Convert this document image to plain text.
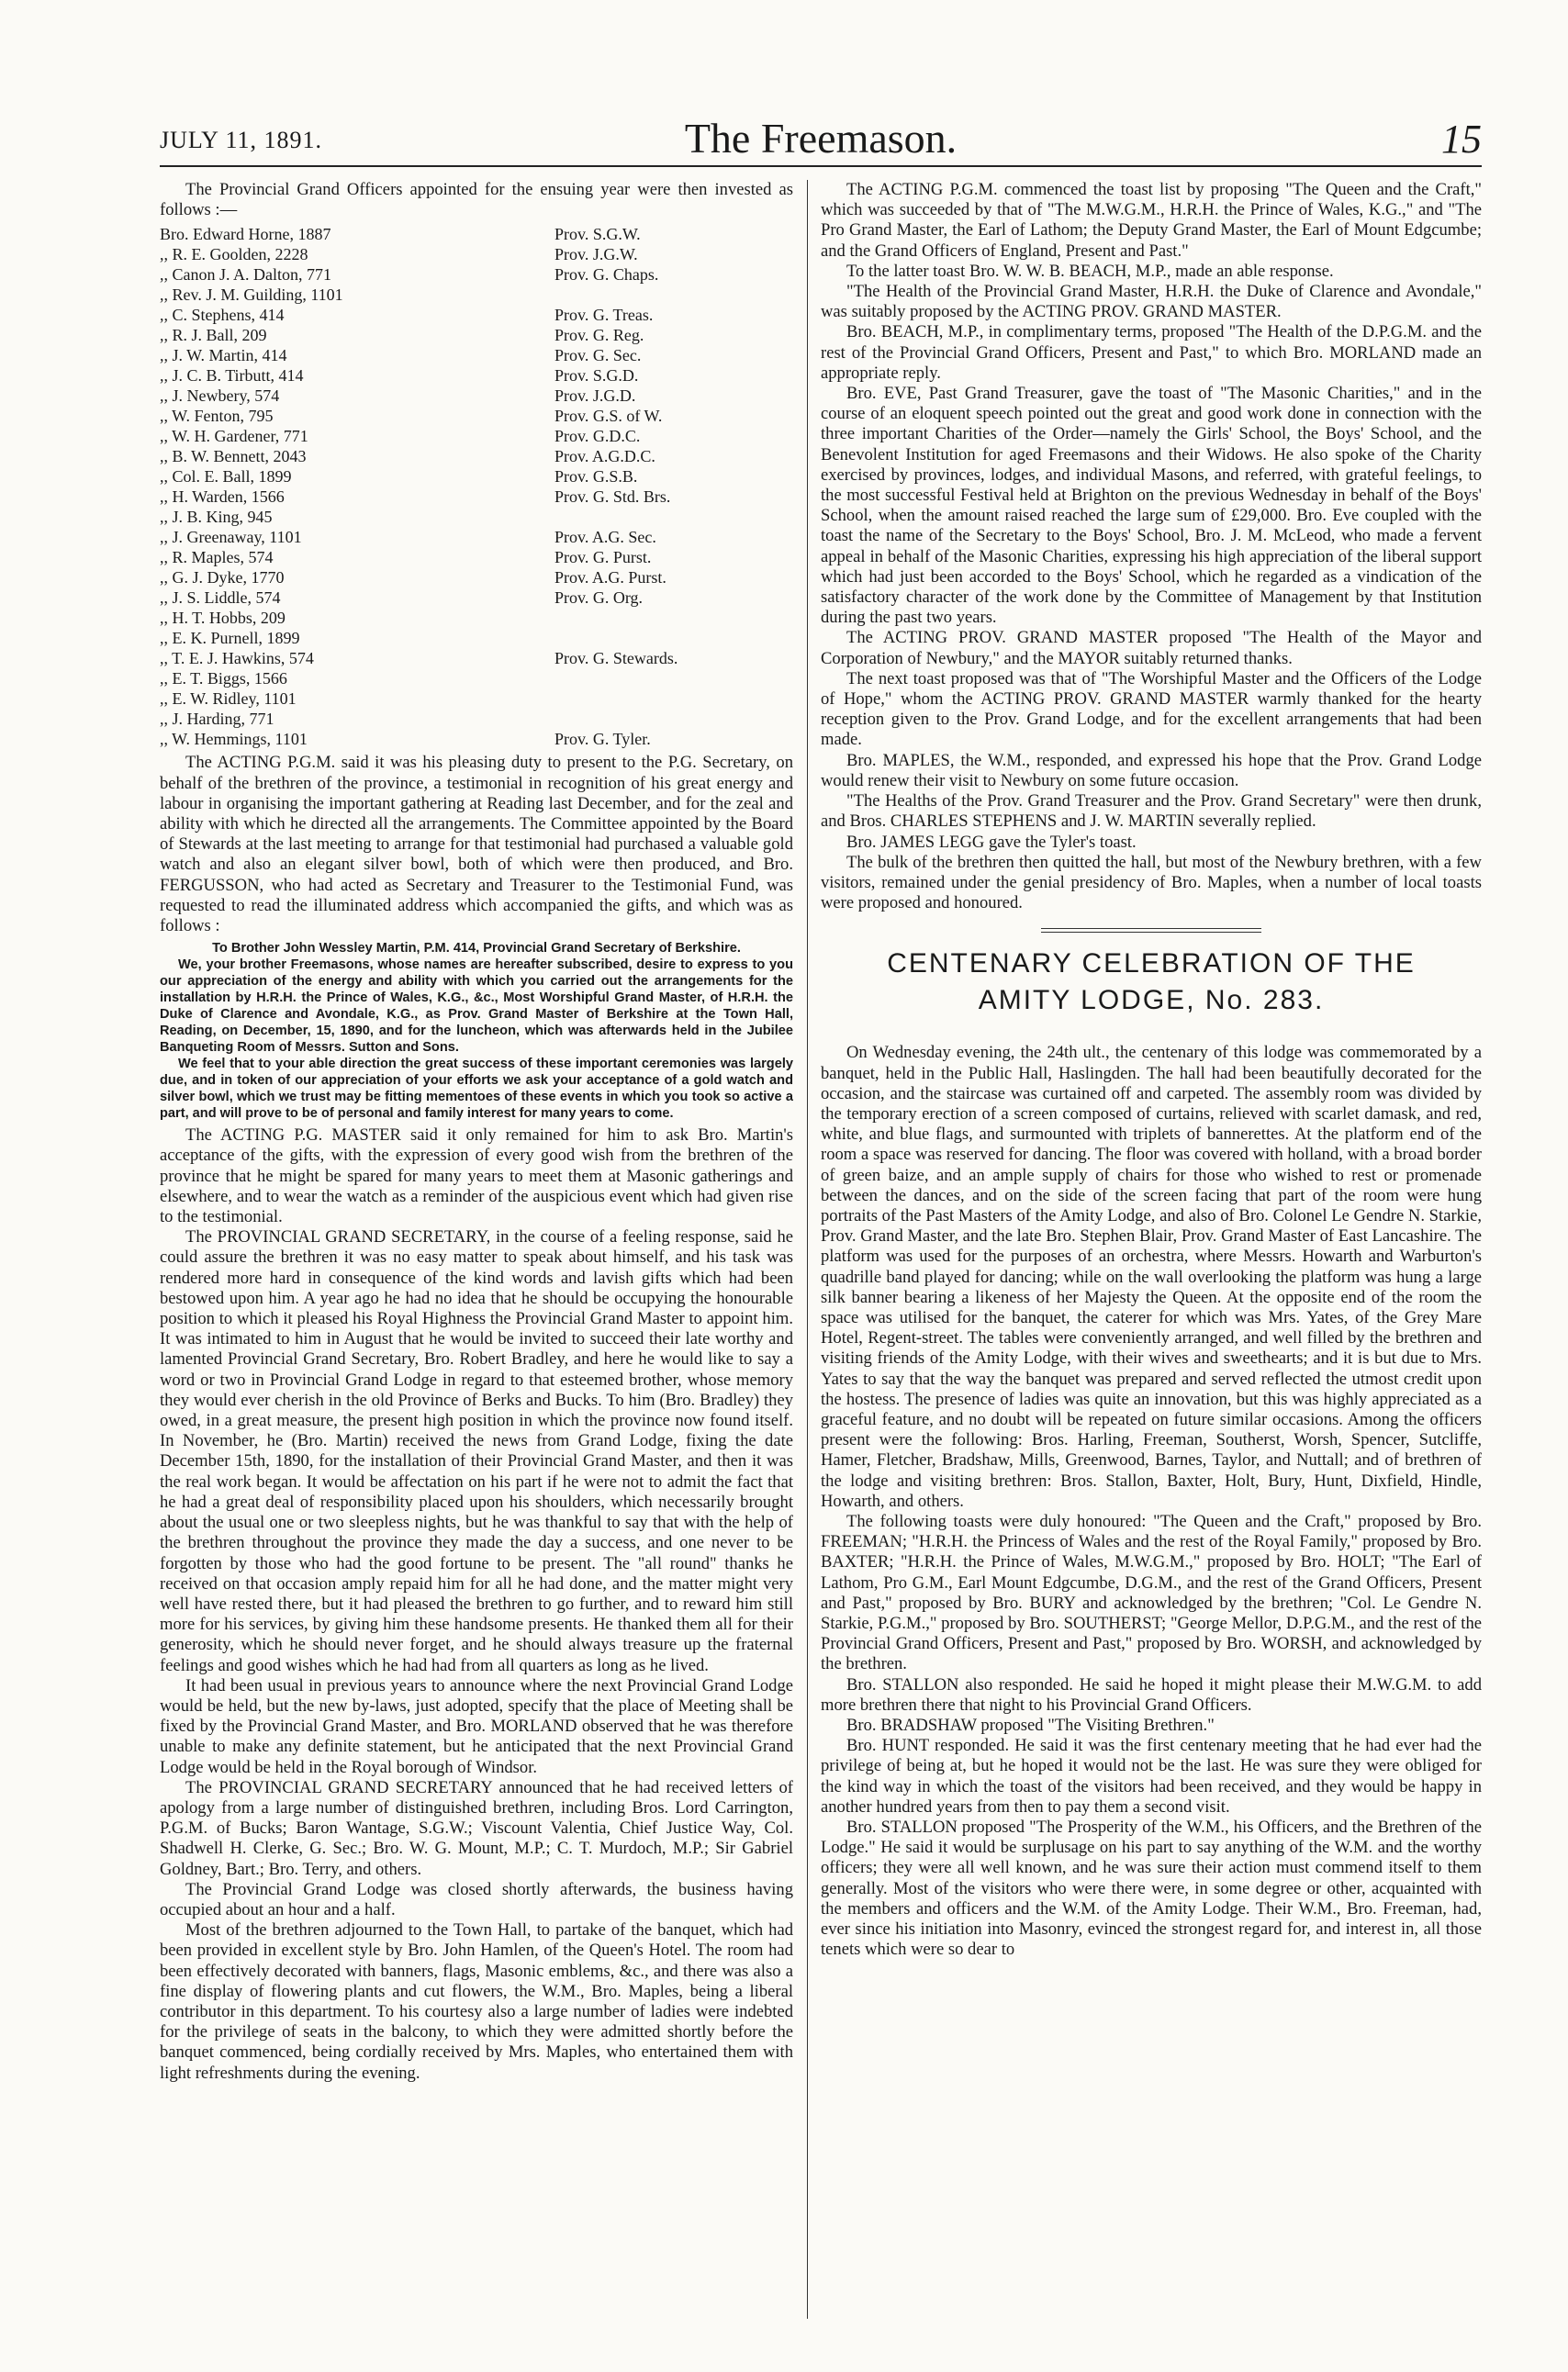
The Freemason.
JULY 11, 1891.	15

The Provincial Grand Officers appointed for the ensuing year were then invested as follows :—

Bro. Edward Horne, 1887	Prov. S.G.W.
,, R. E. Goolden, 2228	Prov. J.G.W.
,, Canon J. A. Dalton, 771	Prov. G. Chaps.
,, Rev. J. M. Guilding, 1101
,, C. Stephens, 414	Prov. G. Treas.
,, R. J. Ball, 209	Prov. G. Reg.
,, J. W. Martin, 414	Prov. G. Sec.
,, J. C. B. Tirbutt, 414	Prov. S.G.D.
,, J. Newbery, 574	Prov. J.G.D.
,, W. Fenton, 795	Prov. G.S. of W.
,, W. H. Gardener, 771	Prov. G.D.C.
,, B. W. Bennett, 2043	Prov. A.G.D.C.
,, Col. E. Ball, 1899	Prov. G.S.B.
,, H. Warden, 1566	Prov. G. Std. Brs.
,, J. B. King, 945
,, J. Greenaway, 1101	Prov. A.G. Sec.
,, R. Maples, 574	Prov. G. Purst.
,, G. J. Dyke, 1770	Prov. A.G. Purst.
,, J. S. Liddle, 574	Prov. G. Org.
,, H. T. Hobbs, 209
,, E. K. Purnell, 1899
,, T. E. J. Hawkins, 574	Prov. G. Stewards.
,, E. T. Biggs, 1566
,, E. W. Ridley, 1101
,, J. Harding, 771
,, W. Hemmings, 1101	Prov. G. Tyler.

The ACTING P.G.M. said it was his pleasing duty to present to the P.G. Secretary, on behalf of the brethren of the province, a testimonial in recognition of his great energy and labour in organising the important gathering at Reading last December, and for the zeal and ability with which he directed all the arrangements. The Committee appointed by the Board of Stewards at the last meeting to arrange for that testimonial had purchased a valuable gold watch and also an elegant silver bowl, both of which were then produced, and Bro. FERGUSSON, who had acted as Secretary and Treasurer to the Testimonial Fund, was requested to read the illuminated address which accompanied the gifts, and which was as follows :

To Brother John Wessley Martin, P.M. 414, Provincial Grand Secretary of Berkshire.

We, your brother Freemasons, whose names are hereafter subscribed, desire to express to you our appreciation of the energy and ability with which you carried out the arrangements for the installation by H.R.H. the Prince of Wales, K.G., &c., Most Worshipful Grand Master, of H.R.H. the Duke of Clarence and Avondale, K.G., as Prov. Grand Master of Berkshire at the Town Hall, Reading, on December, 15, 1890, and for the luncheon, which was afterwards held in the Jubilee Banqueting Room of Messrs. Sutton and Sons.

We feel that to your able direction the great success of these important ceremonies was largely due, and in token of our appreciation of your efforts we ask your acceptance of a gold watch and silver bowl, which we trust may be fitting mementoes of these events in which you took so active a part, and will prove to be of personal and family interest for many years to come.

The ACTING P.G. MASTER said it only remained for him to ask Bro. Martin's acceptance of the gifts, with the expression of every good wish from the brethren of the province that he might be spared for many years to meet them at Masonic gatherings and elsewhere, and to wear the watch as a reminder of the auspicious event which had given rise to the testimonial.

The PROVINCIAL GRAND SECRETARY, in the course of a feeling response, said he could assure the brethren it was no easy matter to speak about himself, and his task was rendered more hard in consequence of the kind words and lavish gifts which had been bestowed upon him. A year ago he had no idea that he should be occupying the honourable position to which it pleased his Royal Highness the Provincial Grand Master to appoint him. It was intimated to him in August that he would be invited to succeed their late worthy and lamented Provincial Grand Secretary, Bro. Robert Bradley, and here he would like to say a word or two in Provincial Grand Lodge in regard to that esteemed brother, whose memory they would ever cherish in the old Province of Berks and Bucks. To him (Bro. Bradley) they owed, in a great measure, the present high position in which the province now found itself. In November, he (Bro. Martin) received the news from Grand Lodge, fixing the date December 15th, 1890, for the installation of their Provincial Grand Master, and then it was the real work began. It would be affectation on his part if he were not to admit the fact that he had a great deal of responsibility placed upon his shoulders, which necessarily brought about the usual one or two sleepless nights, but he was thankful to say that with the help of the brethren throughout the province they made the day a success, and one never to be forgotten by those who had the good fortune to be present. The "all round" thanks he received on that occasion amply repaid him for all he had done, and the matter might very well have rested there, but it had pleased the brethren to go further, and to reward him still more for his services, by giving him these handsome presents. He thanked them all for their generosity, which he should never forget, and he should always treasure up the fraternal feelings and good wishes which he had had from all quarters as long as he lived.

It had been usual in previous years to announce where the next Provincial Grand Lodge would be held, but the new by-laws, just adopted, specify that the place of Meeting shall be fixed by the Provincial Grand Master, and Bro. MORLAND observed that he was therefore unable to make any definite statement, but he anticipated that the next Provincial Grand Lodge would be held in the Royal borough of Windsor.

The PROVINCIAL GRAND SECRETARY announced that he had received letters of apology from a large number of distinguished brethren, including Bros. Lord Carrington, P.G.M. of Bucks; Baron Wantage, S.G.W.; Viscount Valentia, Chief Justice Way, Col. Shadwell H. Clerke, G. Sec.; Bro. W. G. Mount, M.P.; C. T. Murdoch, M.P.; Sir Gabriel Goldney, Bart.; Bro. Terry, and others.

The Provincial Grand Lodge was closed shortly afterwards, the business having occupied about an hour and a half.

Most of the brethren adjourned to the Town Hall, to partake of the banquet, which had been provided in excellent style by Bro. John Hamlen, of the Queen's Hotel. The room had been effectively decorated with banners, flags, Masonic emblems, &c., and there was also a fine display of flowering plants and cut flowers, the W.M., Bro. Maples, being a liberal contributor in this department. To his courtesy also a large number of ladies were indebted for the privilege of seats in the balcony, to which they were admitted shortly before the banquet commenced, being cordially received by Mrs. Maples, who entertained them with light refreshments during the evening.

The ACTING P.G.M. commenced the toast list by proposing "The Queen and the Craft," which was succeeded by that of "The M.W.G.M., H.R.H. the Prince of Wales, K.G.," and "The Pro Grand Master, the Earl of Lathom; the Deputy Grand Master, the Earl of Mount Edgcumbe; and the Grand Officers of England, Present and Past."

To the latter toast Bro. W. W. B. BEACH, M.P., made an able response.

"The Health of the Provincial Grand Master, H.R.H. the Duke of Clarence and Avondale," was suitably proposed by the ACTING PROV. GRAND MASTER.

Bro. BEACH, M.P., in complimentary terms, proposed "The Health of the D.P.G.M. and the rest of the Provincial Grand Officers, Present and Past," to which Bro. MORLAND made an appropriate reply.

Bro. EVE, Past Grand Treasurer, gave the toast of "The Masonic Charities," and in the course of an eloquent speech pointed out the great and good work done in connection with the three important Charities of the Order—namely the Girls' School, the Boys' School, and the Benevolent Institution for aged Freemasons and their Widows. He also spoke of the Charity exercised by provinces, lodges, and individual Masons, and referred, with grateful feelings, to the most successful Festival held at Brighton on the previous Wednesday in behalf of the Boys' School, when the amount raised reached the large sum of £29,000. Bro. Eve coupled with the toast the name of the Secretary to the Boys' School, Bro. J. M. McLeod, who made a fervent appeal in behalf of the Masonic Charities, expressing his high appreciation of the liberal support which had just been accorded to the Boys' School, which he regarded as a vindication of the satisfactory character of the work done by the Committee of Management by that Institution during the past two years.

The ACTING PROV. GRAND MASTER proposed "The Health of the Mayor and Corporation of Newbury," and the MAYOR suitably returned thanks.

The next toast proposed was that of "The Worshipful Master and the Officers of the Lodge of Hope," whom the ACTING PROV. GRAND MASTER warmly thanked for the hearty reception given to the Prov. Grand Lodge, and for the excellent arrangements that had been made.

Bro. MAPLES, the W.M., responded, and expressed his hope that the Prov. Grand Lodge would renew their visit to Newbury on some future occasion.

"The Healths of the Prov. Grand Treasurer and the Prov. Grand Secretary" were then drunk, and Bros. CHARLES STEPHENS and J. W. MARTIN severally replied.

Bro. JAMES LEGG gave the Tyler's toast.

The bulk of the brethren then quitted the hall, but most of the Newbury brethren, with a few visitors, remained under the genial presidency of Bro. Maples, when a number of local toasts were proposed and honoured.

CENTENARY CELEBRATION OF THE
AMITY LODGE, No. 283.

On Wednesday evening, the 24th ult., the centenary of this lodge was commemorated by a banquet, held in the Public Hall, Haslingden. The hall had been beautifully decorated for the occasion, and the staircase was curtained off and carpeted. The assembly room was divided by the temporary erection of a screen composed of curtains, relieved with scarlet damask, and red, white, and blue flags, and surmounted with triplets of bannerettes. At the platform end of the room a space was reserved for dancing. The floor was covered with holland, with a broad border of green baize, and an ample supply of chairs for those who wished to rest or promenade between the dances, and on the side of the screen facing that part of the room were hung portraits of the Past Masters of the Amity Lodge, and also of Bro. Colonel Le Gendre N. Starkie, Prov. Grand Master, and the late Bro. Stephen Blair, Prov. Grand Master of East Lancashire. The platform was used for the purposes of an orchestra, where Messrs. Howarth and Warburton's quadrille band played for dancing; while on the wall overlooking the platform was hung a large silk banner bearing a likeness of her Majesty the Queen. At the opposite end of the room the space was utilised for the banquet, the caterer for which was Mrs. Yates, of the Grey Mare Hotel, Regent-street. The tables were conveniently arranged, and well filled by the brethren and visiting friends of the Amity Lodge, with their wives and sweethearts; and it is but due to Mrs. Yates to say that the way the banquet was prepared and served reflected the utmost credit upon the hostess. The presence of ladies was quite an innovation, but this was highly appreciated as a graceful feature, and no doubt will be repeated on future similar occasions. Among the officers present were the following: Bros. Harling, Freeman, Southerst, Worsh, Spencer, Sutcliffe, Hamer, Fletcher, Bradshaw, Mills, Greenwood, Barnes, Taylor, and Nuttall; and of brethren of the lodge and visiting brethren: Bros. Stallon, Baxter, Holt, Bury, Hunt, Dixfield, Hindle, Howarth, and others.

The following toasts were duly honoured: "The Queen and the Craft," proposed by Bro. FREEMAN; "H.R.H. the Princess of Wales and the rest of the Royal Family," proposed by Bro. BAXTER; "H.R.H. the Prince of Wales, M.W.G.M.," proposed by Bro. HOLT; "The Earl of Lathom, Pro G.M., Earl Mount Edgcumbe, D.G.M., and the rest of the Grand Officers, Present and Past," proposed by Bro. BURY and acknowledged by the brethren; "Col. Le Gendre N. Starkie, P.G.M.," proposed by Bro. SOUTHERST; "George Mellor, D.P.G.M., and the rest of the Provincial Grand Officers, Present and Past," proposed by Bro. WORSH, and acknowledged by the brethren.

Bro. STALLON also responded. He said he hoped it might please their M.W.G.M. to add more brethren there that night to his Provincial Grand Officers.

Bro. BRADSHAW proposed "The Visiting Brethren."

Bro. HUNT responded. He said it was the first centenary meeting that he had ever had the privilege of being at, but he hoped it would not be the last. He was sure they were obliged for the kind way in which the toast of the visitors had been received, and they would be happy in another hundred years from then to pay them a second visit.

Bro. STALLON proposed "The Prosperity of the W.M., his Officers, and the Brethren of the Lodge." He said it would be surplusage on his part to say anything of the W.M. and the worthy officers; they were all well known, and he was sure their action must commend itself to them generally. Most of the visitors who were there were, in some degree or other, acquainted with the members and officers and the W.M. of the Amity Lodge. Their W.M., Bro. Freeman, had, ever since his initiation into Masonry, evinced the strongest regard for, and interest in, all those tenets which were so dear to
